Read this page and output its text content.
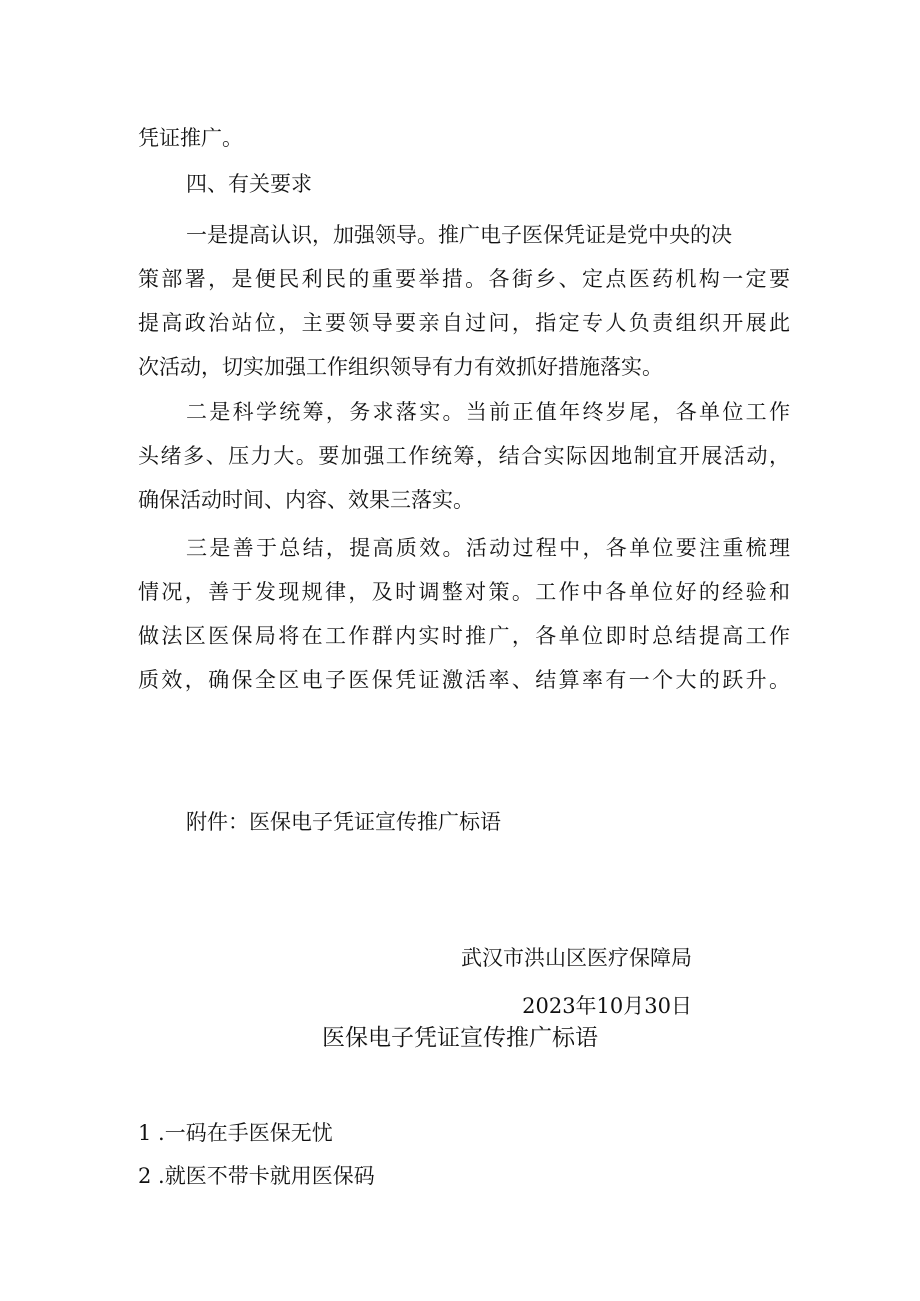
凭证推广。

四、有关要求

一是提高认识，加强领导。推广电子医保凭证是党中央的决

策部署，是便民利民的重要举措。各街乡、定点医药机构一定要

提高政治站位，主要领导要亲自过问，指定专人负责组织开展此

次活动，切实加强工作组织领导有力有效抓好措施落实。

二是科学统筹，务求落实。当前正值年终岁尾，各单位工作

头绪多、压力大。要加强工作统筹，结合实际因地制宜开展活动，

确保活动时间、内容、效果三落实。

三是善于总结，提高质效。活动过程中，各单位要注重梳理

情况，善于发现规律，及时调整对策。工作中各单位好的经验和

做法区医保局将在工作群内实时推广，各单位即时总结提高工作

质效，确保全区电子医保凭证激活率、结算率有一个大的跃升。

附件：医保电子凭证宣传推广标语

武汉市洪山区医疗保障局

2023年10月30日

医保电子凭证宣传推广标语

1 .一码在手医保无忧

2 .就医不带卡就用医保码
